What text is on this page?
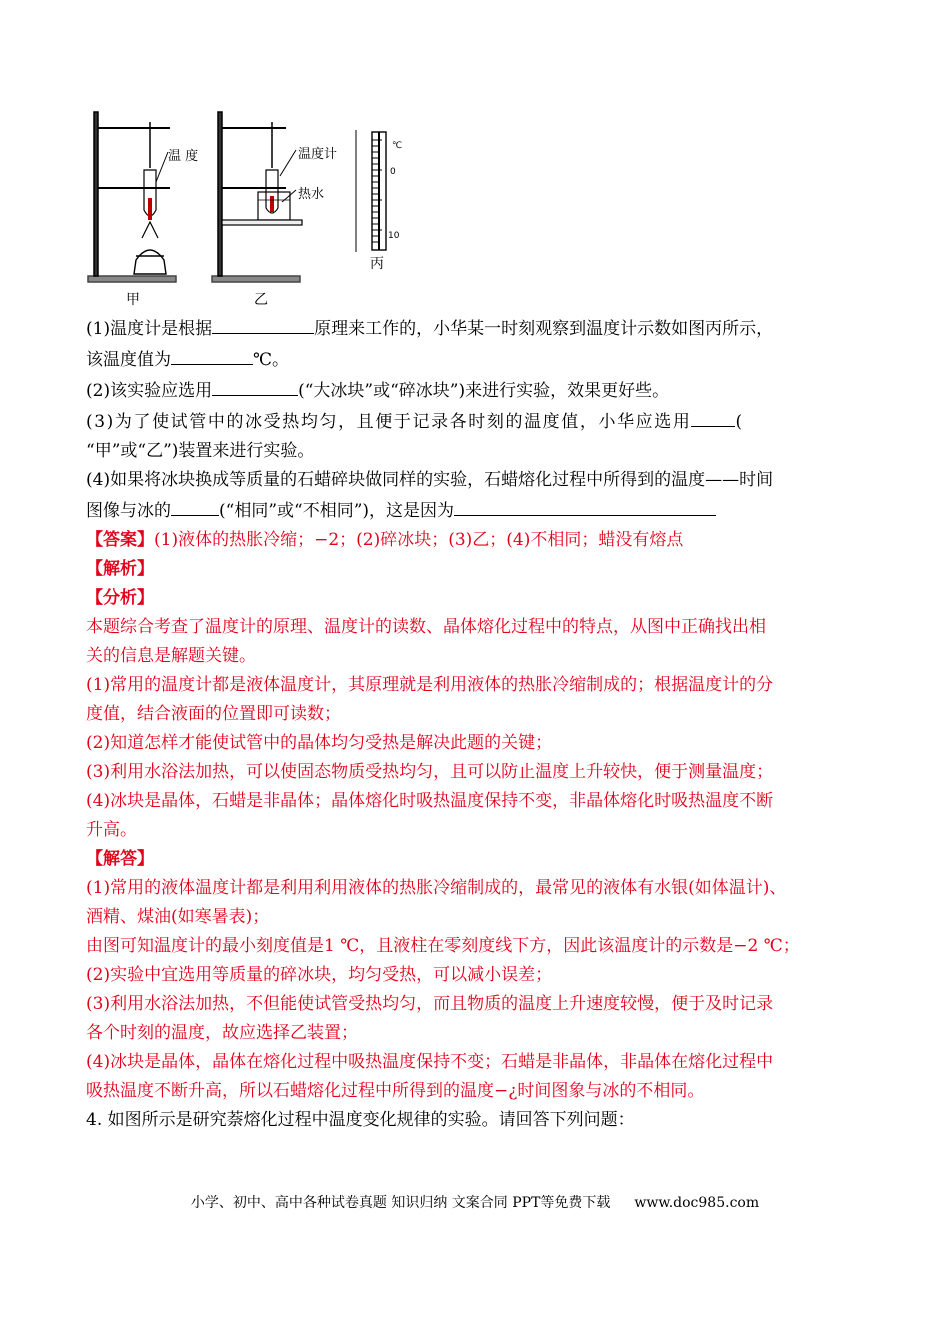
温 度	温度计
热水
℃
0
10
甲	乙
丙
(1)温度计是根据	原理来工作的，小华某一时刻观察到温度计示数如图丙所示，
该温度值为	℃。
(2)该实验应选用	(“大冰块”或“碎冰块”)来进行实验，效果更好些。
(3)为了使试管中的冰受热均匀，且便于记录各时刻的温度值，小华应选用	(
“甲”或“乙”)装置来进行实验。
(4)如果将冰块换成等质量的石蜡碎块做同样的实验，石蜡熔化过程中所得到的温度——时间
图像与冰的	(“相同”或“不相同”)，这是因为
【答案】(1)液体的热胀冷缩；−2；(2)碎冰块；(3)乙；(4)不相同；蜡没有熔点
【解析】
【分析】
本题综合考查了温度计的原理、温度计的读数、晶体熔化过程中的特点，从图中正确找出相
关的信息是解题关键。
(1)常用的温度计都是液体温度计，其原理就是利用液体的热胀冷缩制成的；根据温度计的分
度值，结合液面的位置即可读数；
(2)知道怎样才能使试管中的晶体均匀受热是解决此题的关键；
(3)利用水浴法加热，可以使固态物质受热均匀，且可以防止温度上升较快，便于测量温度；
(4)冰块是晶体，石蜡是非晶体；晶体熔化时吸热温度保持不变，非晶体熔化时吸热温度不断
升高。
【解答】
(1)常用的液体温度计都是利用利用液体的热胀冷缩制成的，最常见的液体有水银(如体温计)、
酒精、煤油(如寒暑表)；
由图可知温度计的最小刻度值是1 ℃，且液柱在零刻度线下方，因此该温度计的示数是−2 ℃；
(2)实验中宜选用等质量的碎冰块，均匀受热，可以减小误差；
(3)利用水浴法加热，不但能使试管受热均匀，而且物质的温度上升速度较慢，便于及时记录
各个时刻的温度，故应选择乙装置；
(4)冰块是晶体，晶体在熔化过程中吸热温度保持不变；石蜡是非晶体，非晶体在熔化过程中
吸热温度不断升高，所以石蜡熔化过程中所得到的温度−¿时间图象与冰的不相同。
4. 如图所示是研究萘熔化过程中温度变化规律的实验。请回答下列问题：
小学、初中、高中各种试卷真题 知识归纳 文案合同 PPT等免费下载 www.doc985.com
